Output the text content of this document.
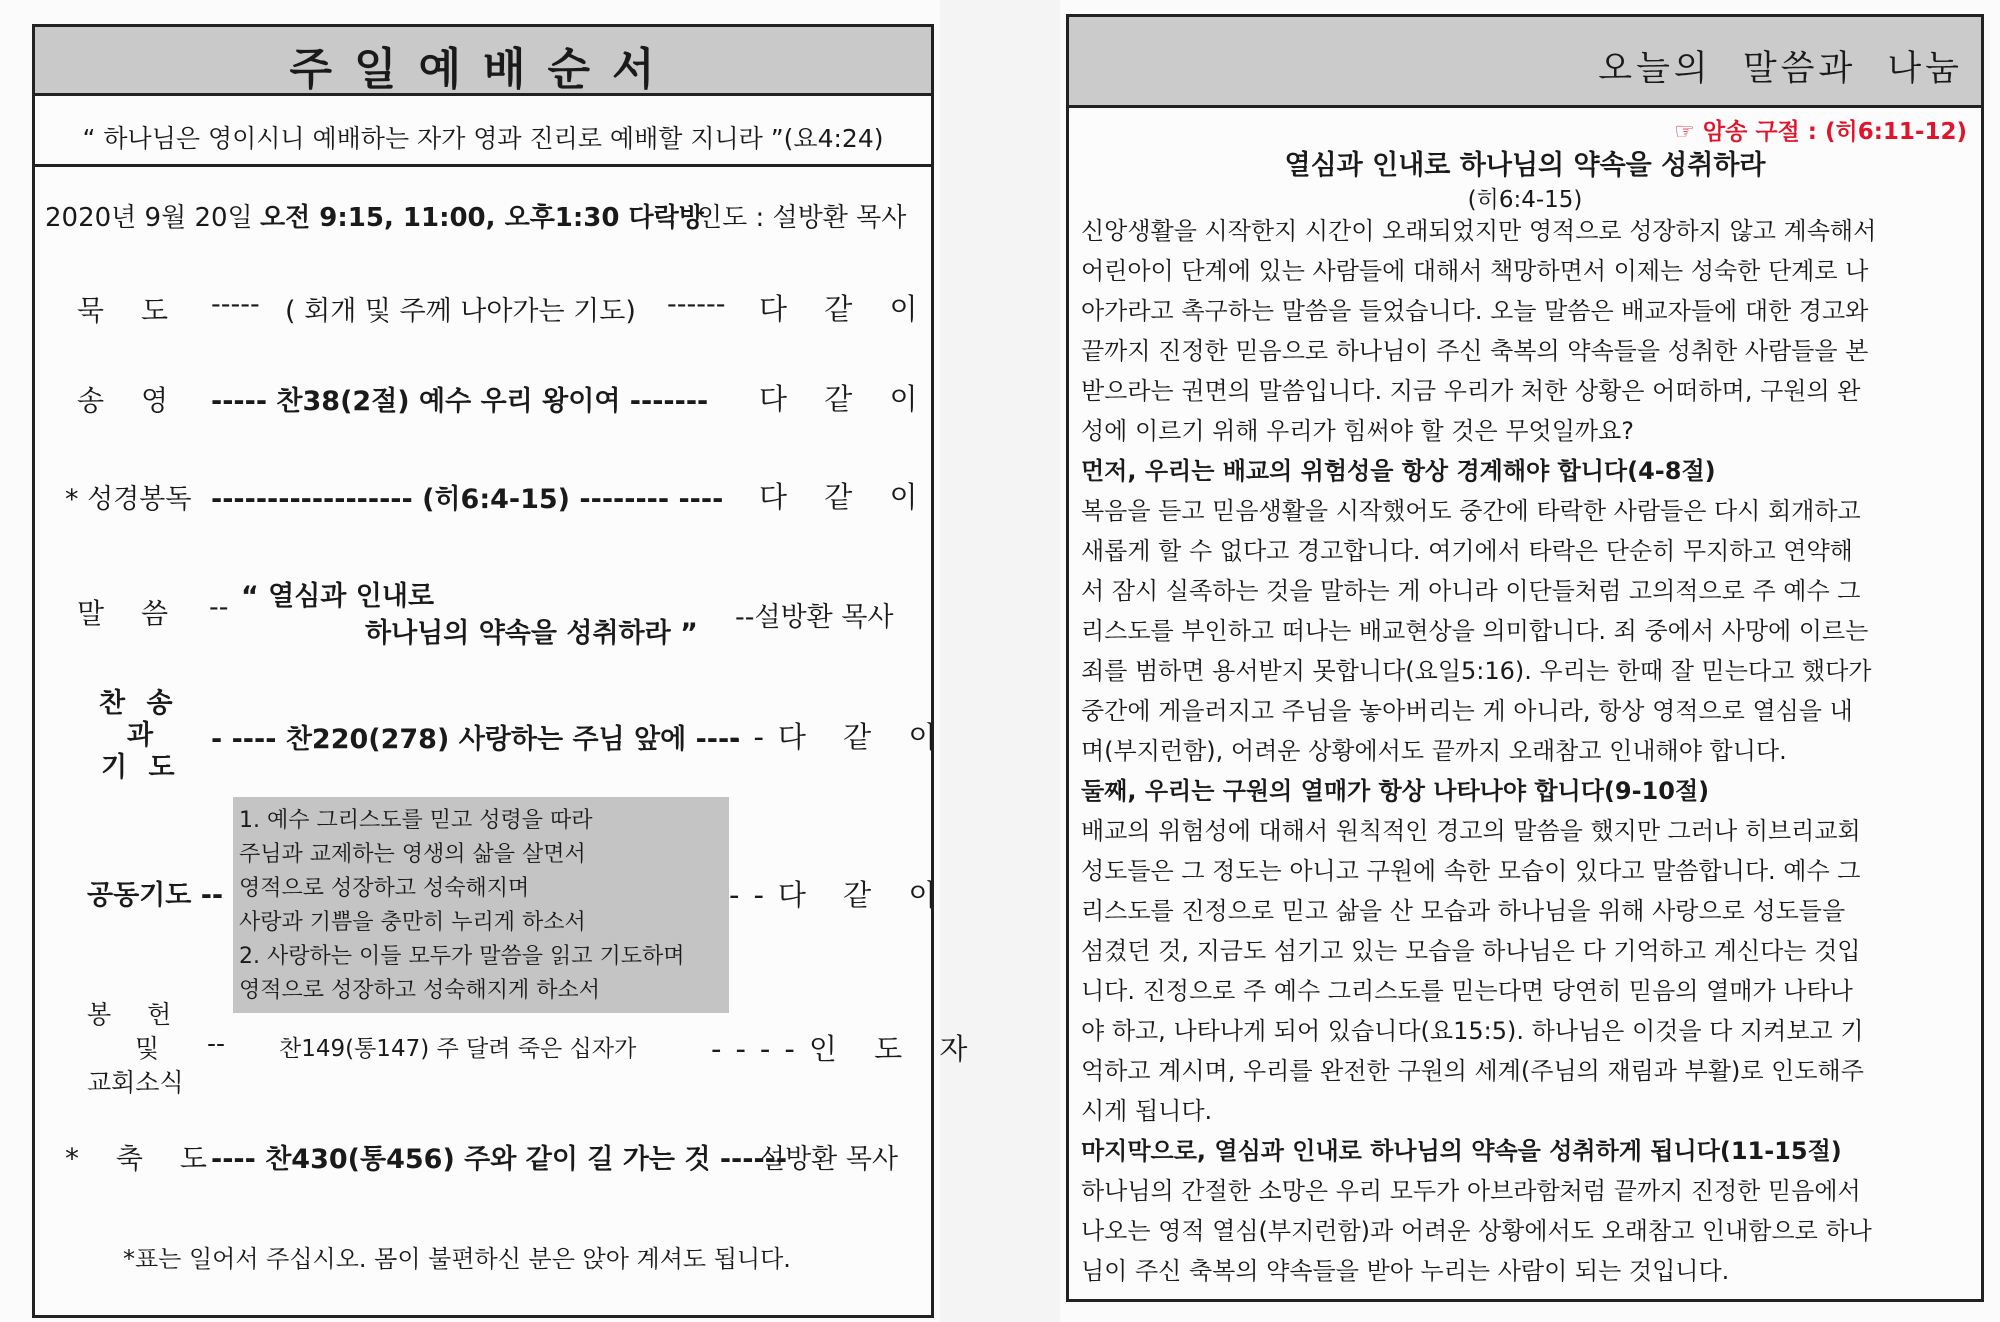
주일예배순서
“ 하나님은 영이시니 예배하는 자가 영과 진리로 예배할 지니라 ”(요4:24)
2020년 9월 20일 오전 9:15, 11:00, 오후1:30 다락방
인도 : 설방환 목사
묵 도 ----- ( 회개 및 주께 나아가는 기도) ------ 다 같 이
송 영 ----- 찬38(2절) 예수 우리 왕이여 ------- 다 같 이
* 성경봉독 ------------------ (히6:4-15) -------- ---- 다 같 이
말 씀 -- “ 열심과 인내로
하나님의 약속을 성취하라 ”
--설방환 목사
찬 송
과
기 도
- ---- 찬220(278) 사랑하는 주님 앞에 ----
--다 같 이
1. 예수 그리스도를 믿고 성령을 따라
주님과 교제하는 영생의 삶을 살면서
영적으로 성장하고 성숙해지며
사랑과 기쁨을 충만히 누리게 하소서
2. 사랑하는 이들 모두가 말씀을 읽고 기도하며
영적으로 성장하고 성숙해지게 하소서
공동기도 --	--다 같 이
봉 헌
및 --
교회소식
찬149(통147) 주 달려 죽은 십자가	----인 도 자
* 축 도
---- 찬430(통456) 주와 같이 길 가는 것 ------
설방환 목사
*표는 일어서 주십시오. 몸이 불편하신 분은 앉아 계셔도 됩니다.
오늘의 말씀과 나눔
☞ 암송 구절 : (히6:11-12)
열심과 인내로 하나님의 약속을 성취하라
(히6:4-15)
신앙생활을 시작한지 시간이 오래되었지만 영적으로 성장하지 않고 계속해서
어린아이 단계에 있는 사람들에 대해서 책망하면서 이제는 성숙한 단계로 나
아가라고 촉구하는 말씀을 들었습니다. 오늘 말씀은 배교자들에 대한 경고와
끝까지 진정한 믿음으로 하나님이 주신 축복의 약속들을 성취한 사람들을 본
받으라는 권면의 말씀입니다. 지금 우리가 처한 상황은 어떠하며, 구원의 완
성에 이르기 위해 우리가 힘써야 할 것은 무엇일까요?
먼저, 우리는 배교의 위험성을 항상 경계해야 합니다(4-8절)
복음을 듣고 믿음생활을 시작했어도 중간에 타락한 사람들은 다시 회개하고
새롭게 할 수 없다고 경고합니다. 여기에서 타락은 단순히 무지하고 연약해
서 잠시 실족하는 것을 말하는 게 아니라 이단들처럼 고의적으로 주 예수 그
리스도를 부인하고 떠나는 배교현상을 의미합니다. 죄 중에서 사망에 이르는
죄를 범하면 용서받지 못합니다(요일5:16). 우리는 한때 잘 믿는다고 했다가
중간에 게을러지고 주님을 놓아버리는 게 아니라, 항상 영적으로 열심을 내
며(부지런함), 어려운 상황에서도 끝까지 오래참고 인내해야 합니다.
둘째, 우리는 구원의 열매가 항상 나타나야 합니다(9-10절)
배교의 위험성에 대해서 원칙적인 경고의 말씀을 했지만 그러나 히브리교회
성도들은 그 정도는 아니고 구원에 속한 모습이 있다고 말씀합니다. 예수 그
리스도를 진정으로 믿고 삶을 산 모습과 하나님을 위해 사랑으로 성도들을
섬겼던 것, 지금도 섬기고 있는 모습을 하나님은 다 기억하고 계신다는 것입
니다. 진정으로 주 예수 그리스도를 믿는다면 당연히 믿음의 열매가 나타나
야 하고, 나타나게 되어 있습니다(요15:5). 하나님은 이것을 다 지켜보고 기
억하고 계시며, 우리를 완전한 구원의 세계(주님의 재림과 부활)로 인도해주
시게 됩니다.
마지막으로, 열심과 인내로 하나님의 약속을 성취하게 됩니다(11-15절)
하나님의 간절한 소망은 우리 모두가 아브라함처럼 끝까지 진정한 믿음에서
나오는 영적 열심(부지런함)과 어려운 상황에서도 오래참고 인내함으로 하나
님이 주신 축복의 약속들을 받아 누리는 사람이 되는 것입니다.
